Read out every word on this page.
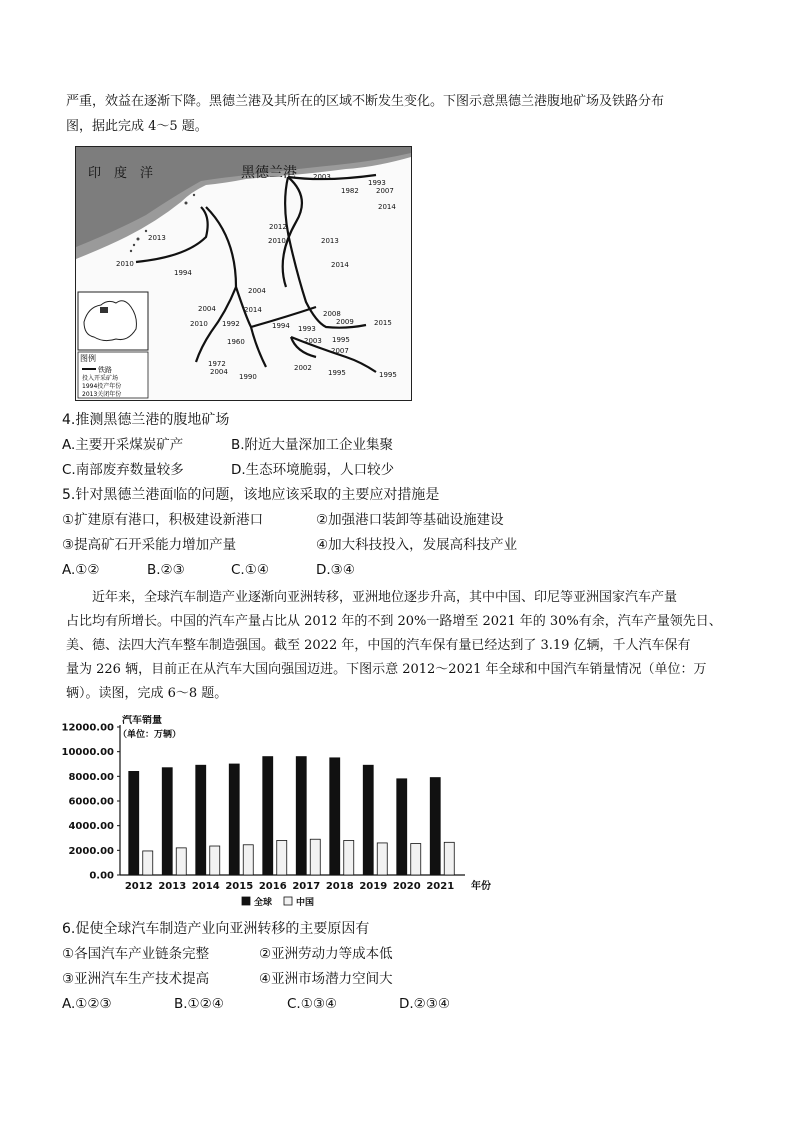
严重，效益在逐渐下降。黑德兰港及其所在的区域不断发生变化。下图示意黑德兰港腹地矿场及铁路分布
图，据此完成 4～5 题。
图例
铁路
投入开采矿场
1994投产年份
2013关闭年份
印　度　洋	黑德兰港 2003
1993
1982 2007
2014
2013
2010
1994
2012
2010	2013
2014
2004
2004	2014	2008
2015
2010 1992	1994 1993
2009
1960	2003 1995
2007
1972
2004
1990
2002
1995	1995
4.推测黑德兰港的腹地矿场
A.主要开采煤炭矿产	B.附近大量深加工企业集聚
C.南部废弃数量较多	D.生态环境脆弱，人口较少
5.针对黑德兰港面临的问题，该地应该采取的主要应对措施是
①扩建原有港口，积极建设新港口	②加强港口装卸等基础设施建设
③提高矿石开采能力增加产量	④加大科技投入，发展高科技产业
A.①②	B.②③	C.①④	D.③④
近年来，全球汽车制造产业逐渐向亚洲转移，亚洲地位逐步升高，其中中国、印尼等亚洲国家汽车产量
占比均有所增长。中国的汽车产量占比从 2012 年的不到 20%一路增至 2021 年的 30%有余，汽车产量领先日、
美、德、法四大汽车整车制造强国。截至 2022 年，中国的汽车保有量已经达到了 3.19 亿辆，千人汽车保有
量为 226 辆，目前正在从汽车大国向强国迈进。下图示意 2012～2021 年全球和中国汽车销量情况（单位：万
辆）。读图，完成 6～8 题。
12000.00
10000.00
8000.00
6000.00
4000.00
2000.00
0.00
汽车销量
（单位：万辆）
2012 2013 2014 2015 2016 2017 2018 2019 2020 2021 年份
全球	中国
6.促使全球汽车制造产业向亚洲转移的主要原因有
①各国汽车产业链条完整	②亚洲劳动力等成本低
③亚洲汽车生产技术提高	④亚洲市场潜力空间大
A.①②③	B.①②④	C.①③④	D.②③④
